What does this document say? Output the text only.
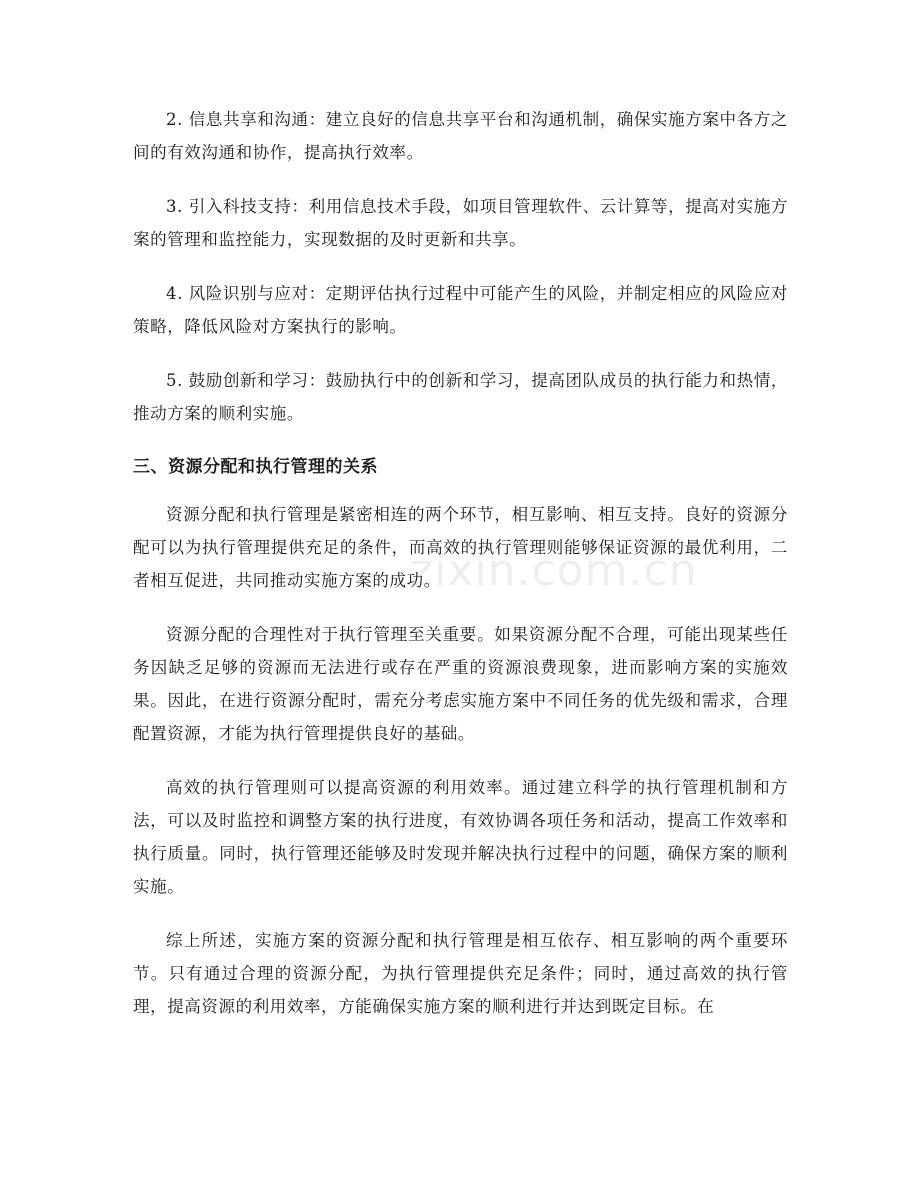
zixin.com.cn

2. 信息共享和沟通：建立良好的信息共享平台和沟通机制，确保实施方案中各方之间的有效沟通和协作，提高执行效率。

3. 引入科技支持：利用信息技术手段，如项目管理软件、云计算等，提高对实施方案的管理和监控能力，实现数据的及时更新和共享。

4. 风险识别与应对：定期评估执行过程中可能产生的风险，并制定相应的风险应对策略，降低风险对方案执行的影响。

5. 鼓励创新和学习：鼓励执行中的创新和学习，提高团队成员的执行能力和热情，推动方案的顺利实施。

三、资源分配和执行管理的关系

资源分配和执行管理是紧密相连的两个环节，相互影响、相互支持。良好的资源分配可以为执行管理提供充足的条件，而高效的执行管理则能够保证资源的最优利用，二者相互促进，共同推动实施方案的成功。

资源分配的合理性对于执行管理至关重要。如果资源分配不合理，可能出现某些任务因缺乏足够的资源而无法进行或存在严重的资源浪费现象，进而影响方案的实施效果。因此，在进行资源分配时，需充分考虑实施方案中不同任务的优先级和需求，合理配置资源，才能为执行管理提供良好的基础。

高效的执行管理则可以提高资源的利用效率。通过建立科学的执行管理机制和方法，可以及时监控和调整方案的执行进度，有效协调各项任务和活动，提高工作效率和执行质量。同时，执行管理还能够及时发现并解决执行过程中的问题，确保方案的顺利实施。

综上所述，实施方案的资源分配和执行管理是相互依存、相互影响的两个重要环节。只有通过合理的资源分配，为执行管理提供充足条件；同时，通过高效的执行管理，提高资源的利用效率，方能确保实施方案的顺利进行并达到既定目标。在
